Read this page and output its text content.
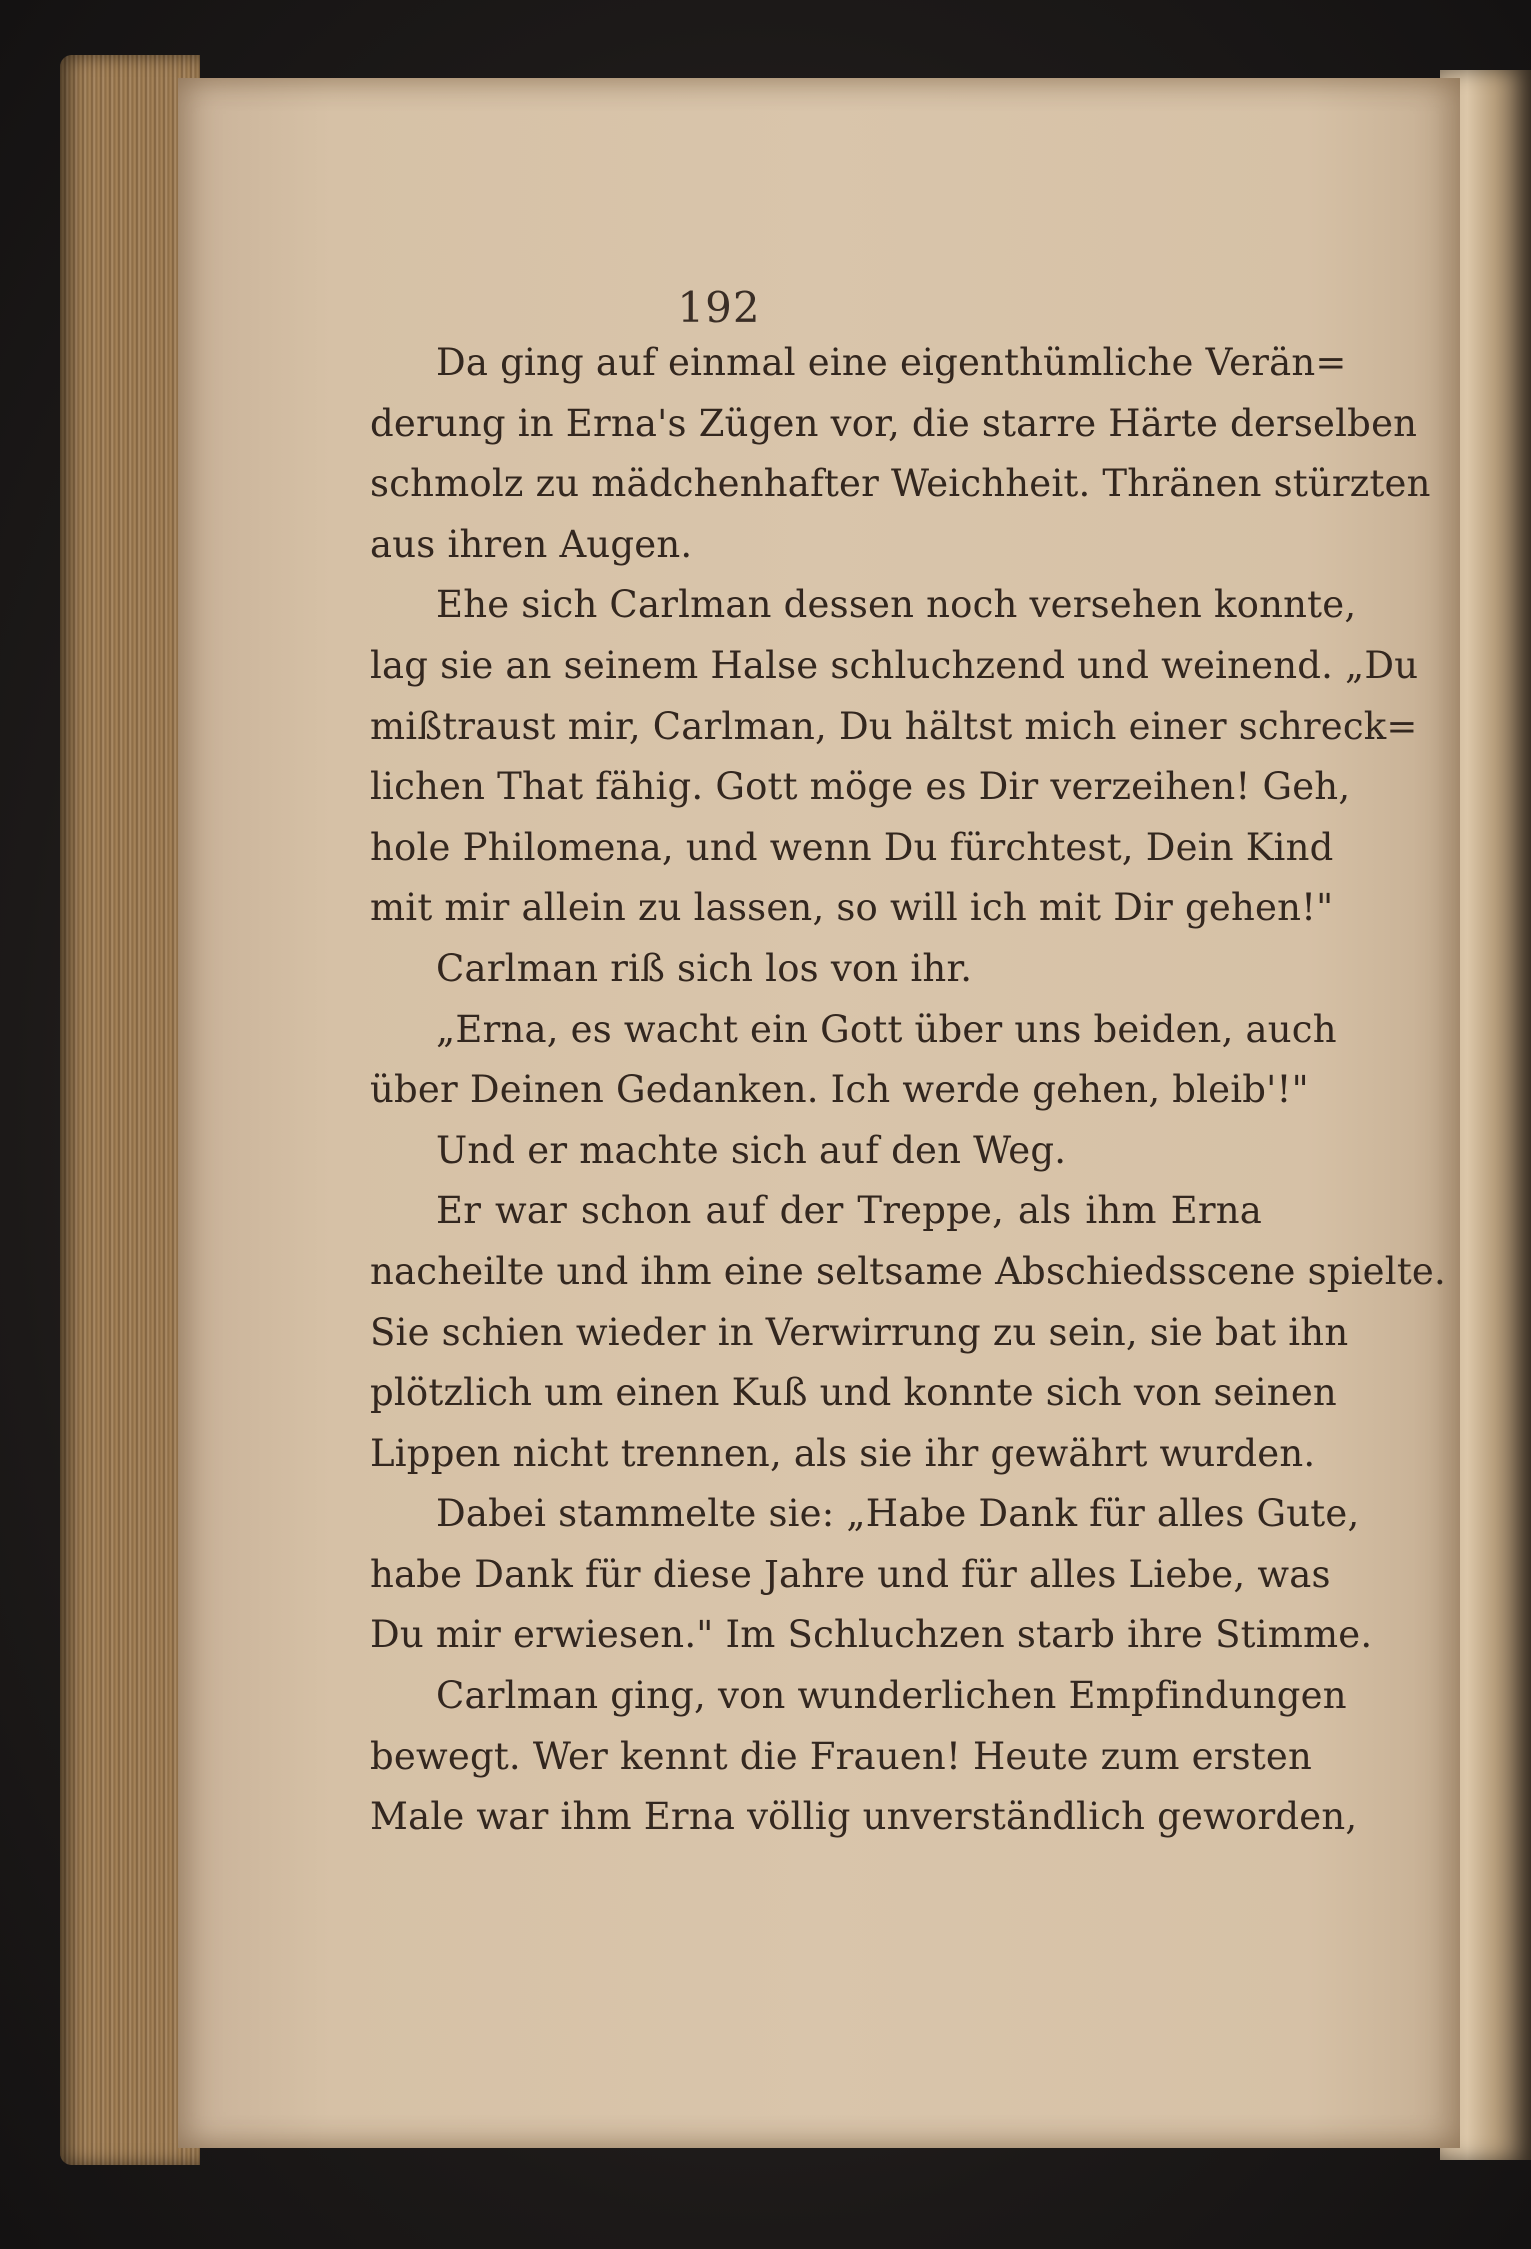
192
Da ging auf einmal eine eigenthümliche Verän=
derung in Erna's Zügen vor, die starre Härte derselben
schmolz zu mädchenhafter Weichheit. Thränen stürzten
aus ihren Augen.
Ehe sich Carlman dessen noch versehen konnte,
lag sie an seinem Halse schluchzend und weinend. „Du
mißtraust mir, Carlman, Du hältst mich einer schreck=
lichen That fähig. Gott möge es Dir verzeihen! Geh,
hole Philomena, und wenn Du fürchtest, Dein Kind
mit mir allein zu lassen, so will ich mit Dir gehen!"
Carlman riß sich los von ihr.
„Erna, es wacht ein Gott über uns beiden, auch
über Deinen Gedanken. Ich werde gehen, bleib'!"
Und er machte sich auf den Weg.
Er war schon auf der Treppe, als ihm Erna
nacheilte und ihm eine seltsame Abschiedsscene spielte.
Sie schien wieder in Verwirrung zu sein, sie bat ihn
plötzlich um einen Kuß und konnte sich von seinen
Lippen nicht trennen, als sie ihr gewährt wurden.
Dabei stammelte sie: „Habe Dank für alles Gute,
habe Dank für diese Jahre und für alles Liebe, was
Du mir erwiesen." Im Schluchzen starb ihre Stimme.
Carlman ging, von wunderlichen Empfindungen
bewegt. Wer kennt die Frauen! Heute zum ersten
Male war ihm Erna völlig unverständlich geworden,
